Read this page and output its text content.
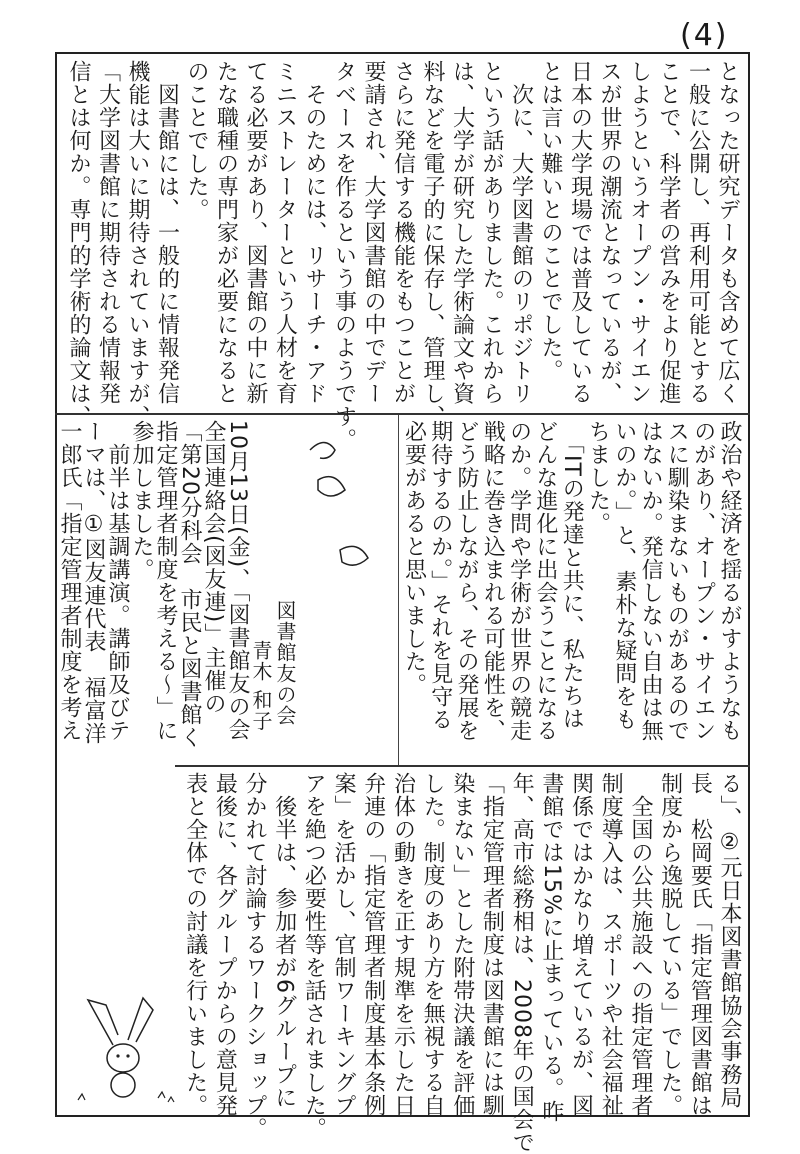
(4)
となった研究データも含めて広く
一般に公開し、再利用可能とする
ことで、科学者の営みをより促進
しようというオープン・サイエン
スが世界の潮流となっているが、
日本の大学現場では普及している
とは言い難いとのことでした。
　次に、大学図書館のリポジトリ
という話がありました。これから
は、大学が研究した学術論文や資
料などを電子的に保存し、管理し、
さらに発信する機能をもつことが
要請され、大学図書館の中でデー
タベースを作るという事のようです。
　そのためには、リサーチ・アド
ミニストレーターという人材を育
てる必要があり、図書館の中に新
たな職種の専門家が必要になると
のことでした。
　図書館には、一般的に情報発信
機能は大いに期待されていますが、
「大学図書館に期待される情報発
信とは何か。専門的学術的論文は、
政治や経済を揺るがすようなも
のがあり、オープン・サイエン
スに馴染まないものがあるので
はないか。発信しない自由は無
いのか。」と、素朴な疑問をも
ちました。
　「ITの発達と共に、私たちは
どんな進化に出会うことになる
のか。学問や学術が世界の競走
戦略に巻き込まれる可能性を、
どう防止しながら、その発展を
期待するのか。」それを見守る
必要があると思いました。
図書館友の会
青木 和子
10月13日(金)、「図書館友の会
全国連絡会(図友連)」主催の
「第20分科会　市民と図書館く
指定管理者制度を考える〜」に
参加しました。
　前半は基調講演。講師及びテ
ーマは、①図友連代表　福富洋
一郎氏「指定管理者制度を考え
る」、②元日本図書館協会事務局
長　松岡要氏「指定管理図書館は
制度から逸脱している」でした。
　全国の公共施設への指定管理者
制度導入は、スポーツや社会福祉
関係ではかなり増えているが、図
書館では15%に止まっている。昨
年、高市総務相は、2008年の国会で
「指定管理者制度は図書館には馴
染まない」とした附帯決議を評価
した。制度のあり方を無視する自
治体の動きを正す規準を示した日
弁連の「指定管理者制度基本条例
案」を活かし、官制ワーキングプ
アを絶つ必要性等を話されました。
　後半は、参加者が6グループに
分かれて討論するワークショップ。
最後に、各グループからの意見発
表と全体での討議を行いました。
